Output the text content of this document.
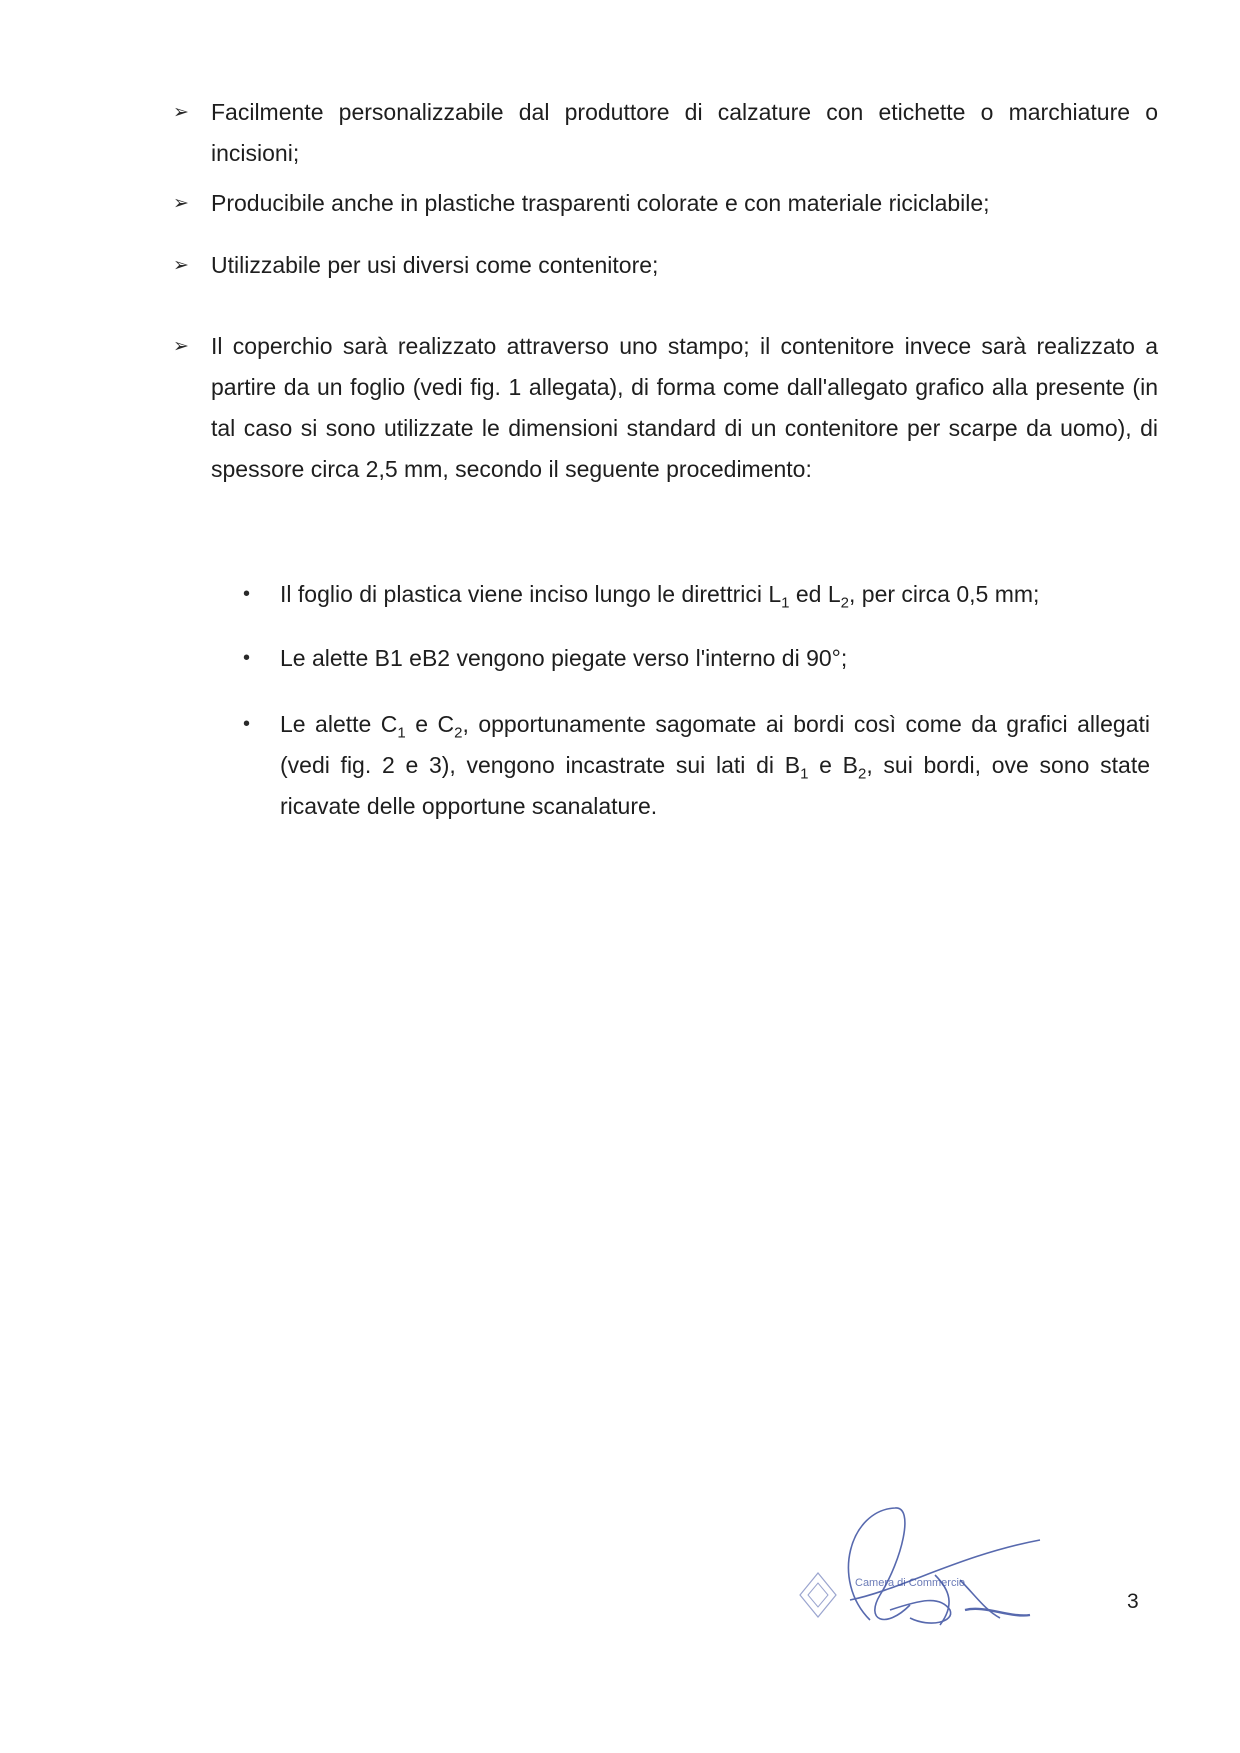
➢ Facilmente personalizzabile dal produttore di calzature con etichette o marchiature o incisioni;
➢ Producibile anche in plastiche trasparenti colorate e con materiale riciclabile;
➢ Utilizzabile per usi diversi come contenitore;
➢ Il coperchio sarà realizzato attraverso uno stampo; il contenitore invece sarà realizzato a partire da un foglio (vedi fig. 1 allegata), di forma come dall'allegato grafico alla presente (in tal caso si sono utilizzate le dimensioni standard di un contenitore per scarpe da uomo), di spessore circa 2,5 mm, secondo il seguente procedimento:
• Il foglio di plastica viene inciso lungo le direttrici $L_1$ ed $L_2$, per circa 0,5 mm;
• Le alette B1 eB2 vengono piegate verso l'interno di 90°;
• Le alette $C_1$ e $C_2$, opportunamente sagomate ai bordi così come da grafici allegati (vedi fig. 2 e 3), vengono incastrate sui lati di $B_1$ e $B_2$, sui bordi, ove sono state ricavate delle opportune scanalature.
Camera di Commercio
3
